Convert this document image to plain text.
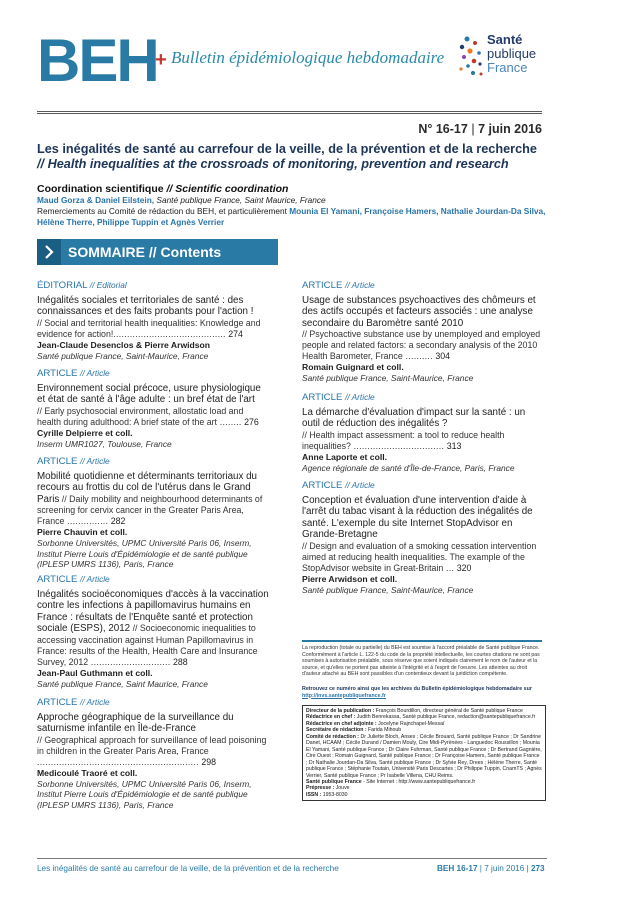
BEH
+ Bulletin épidémiologique hebdomadaire
Santé
publique
France
N° 16-17 | 7 juin 2016
Les inégalités de santé au carrefour de la veille, de la prévention et de la recherche
// Health inequalities at the crossroads of monitoring, prevention and research
Coordination scientifique // Scientific coordination
Maud Gorza & Daniel Eilstein, Santé publique France, Saint Maurice, France
Remerciements au Comité de rédaction du BEH, et particulièrement Mounia El Yamani, Françoise Hamers, Nathalie Jourdan-Da Silva, Hélène Therre, Philippe Tuppin et Agnès Verrier
SOMMAIRE // Contents
ÉDITORIAL // Editorial
Inégalités sociales et territoriales de santé : des connaissances et des faits probants pour l'action !
// Social and territorial health inequalities: Knowledge and evidence for action!......................................... 274
Jean-Claude Desenclos & Pierre Arwidson
Santé publique France, Saint-Maurice, France
ARTICLE // Article
Environnement social précoce, usure physiologique et état de santé à l'âge adulte : un bref état de l'art
// Early psychosocial environment, allostatic load and health during adulthood: A brief state of the art ........ 276
Cyrille Delpierre et coll.
Inserm UMR1027, Toulouse, France
ARTICLE // Article
Mobilité quotidienne et déterminants territoriaux du recours au frottis du col de l'utérus dans le Grand Paris // Daily mobility and neighbourhood determinants of screening for cervix cancer in the Greater Paris Area, France ............... 282
Pierre Chauvin et coll.
Sorbonne Universités, UPMC Université Paris 06, Inserm, Institut Pierre Louis d'Épidémiologie et de santé publique (IPLESP UMRS 1136), Paris, France
ARTICLE // Article
Inégalités socioéconomiques d'accès à la vaccination contre les infections à papillomavirus humains en France : résultats de l'Enquête santé et protection sociale (ESPS), 2012 // Socioeconomic inequalities to accessing vaccination against Human Papillomavirus in France: results of the Health, Health Care and Insurance Survey, 2012 ............................. 288
Jean-Paul Guthmann et coll.
Santé publique France, Saint Maurice, France
ARTICLE // Article
Approche géographique de la surveillance du saturnisme infantile en Île-de-France
// Geographical approach for surveillance of lead poisoning in children in the Greater Paris Area, France ........................................................... 298
Medicoulé Traoré et coll.
Sorbonne Universités, UPMC Université Paris 06, Inserm, Institut Pierre Louis d'Épidémiologie et de santé publique (IPLESP UMRS 1136), Paris, France
ARTICLE // Article
Usage de substances psychoactives des chômeurs et des actifs occupés et facteurs associés : une analyse secondaire du Baromètre santé 2010
// Psychoactive substance use by unemployed and employed people and related factors: a secondary analysis of the 2010 Health Barometer, France .......... 304
Romain Guignard et coll.
Santé publique France, Saint-Maurice, France
ARTICLE // Article
La démarche d'évaluation d'impact sur la santé : un outil de réduction des inégalités ?
// Health impact assessment: a tool to reduce health inequalities? ................................. 313
Anne Laporte et coll.
Agence régionale de santé d'Île-de-France, Paris, France
ARTICLE // Article
Conception et évaluation d'une intervention d'aide à l'arrêt du tabac visant à la réduction des inégalités de santé. L'exemple du site Internet StopAdvisor en Grande-Bretagne
// Design and evaluation of a smoking cessation intervention aimed at reducing health inequalities. The example of the StopAdvisor website in Great-Britain ... 320
Pierre Arwidson et coll.
Santé publique France, Saint-Maurice, France
La reproduction (totale ou partielle) du BEH est soumise à l'accord préalable de Santé publique France. Conformément à l'article L. 122-5 du code de la propriété intellectuelle, les courtes citations ne sont pas soumises à autorisation préalable, sous réserve que soient indiqués clairement le nom de l'auteur et la source, et qu'elles ne portent pas atteinte à l'intégrité et à l'esprit de l'oeuvre. Les atteintes au droit d'auteur attaché au BEH sont passibles d'un contentieux devant la juridiction compétente.
Retrouvez ce numéro ainsi que les archives du Bulletin épidémiologique hebdomadaire sur http://invs.santepubliquefrance.fr
Directeur de la publication : François Bourdillon, directeur général de Santé publique France
Rédactrice en chef : Judith Benrekassa, Santé publique France, redaction@santepubliquefrance.fr
Rédactrice en chef adjointe : Jocelyne Rajnchapel-Messaï
Secrétaire de rédaction : Farida Mihoub
Comité de rédaction : Dr Juliette Bloch, Anses ; Cécile Brouard, Santé publique France ; Dr Sandrine Danet, HCAAM ; Cécile Durand / Damien Mouly, Cire Midi-Pyrénées - Languedoc Roussillon ; Mounia El Yamani, Santé publique France ; Dr Claire Fuhrman, Santé publique France ; Dr Bertrand Gagnière, Cire Ouest ; Romain Guignard, Santé publique France ; Dr Françoise Hamers, Santé publique France ; Dr Nathalie Jourdan-Da Silva, Santé publique France ; Dr Sylvie Rey, Drees ; Hélène Therre, Santé publique France ; Stéphanie Toutain, Université Paris Descartes ; Dr Philippe Tuppin, CnamTS ; Agnès Verrier, Santé publique France ; Pr Isabelle Villena, CHU Reims.
Santé publique France - Site Internet : http://www.santepubliquefrance.fr
Prépresse : Jouve
ISSN : 1953-8030
Les inégalités de santé au carrefour de la veille, de la prévention et de la recherche	BEH 16-17 | 7 juin 2016 | 273
